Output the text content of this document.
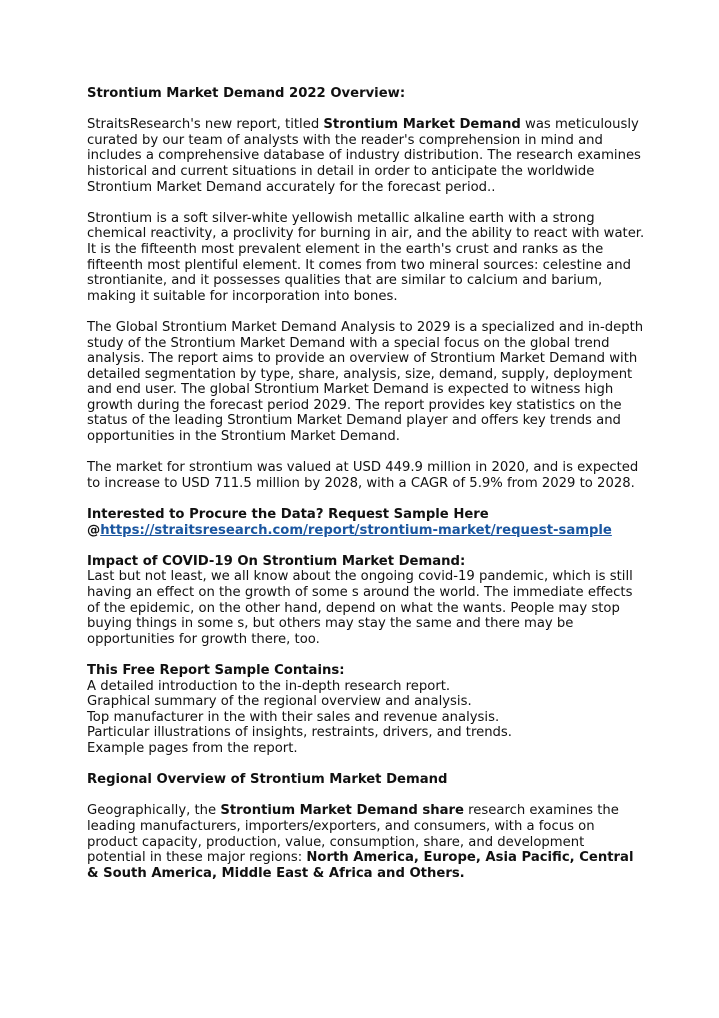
Strontium Market Demand 2022 Overview:

StraitsResearch's new report, titled Strontium Market Demand was meticulously curated by our team of analysts with the reader's comprehension in mind and includes a comprehensive database of industry distribution. The research examines historical and current situations in detail in order to anticipate the worldwide Strontium Market Demand accurately for the forecast period..

Strontium is a soft silver-white yellowish metallic alkaline earth with a strong chemical reactivity, a proclivity for burning in air, and the ability to react with water. It is the fifteenth most prevalent element in the earth's crust and ranks as the fifteenth most plentiful element. It comes from two mineral sources: celestine and strontianite, and it possesses qualities that are similar to calcium and barium, making it suitable for incorporation into bones.

The Global Strontium Market Demand Analysis to 2029 is a specialized and in-depth study of the Strontium Market Demand with a special focus on the global trend analysis. The report aims to provide an overview of Strontium Market Demand with detailed segmentation by type, share, analysis, size, demand, supply, deployment and end user. The global Strontium Market Demand is expected to witness high growth during the forecast period 2029. The report provides key statistics on the status of the leading Strontium Market Demand player and offers key trends and opportunities in the Strontium Market Demand.

The market for strontium was valued at USD 449.9 million in 2020, and is expected to increase to USD 711.5 million by 2028, with a CAGR of 5.9% from 2029 to 2028.

Interested to Procure the Data? Request Sample Here

@https://straitsresearch.com/report/strontium-market/request-sample

Impact of COVID-19 On Strontium Market Demand:

Last but not least, we all know about the ongoing covid-19 pandemic, which is still having an effect on the growth of some s around the world. The immediate effects of the epidemic, on the other hand, depend on what the wants. People may stop buying things in some s, but others may stay the same and there may be opportunities for growth there, too.

This Free Report Sample Contains:

A detailed introduction to the in-depth research report.
Graphical summary of the regional overview and analysis.
Top manufacturer in the with their sales and revenue analysis.
Particular illustrations of insights, restraints, drivers, and trends.
Example pages from the report.

Regional Overview of Strontium Market Demand

Geographically, the Strontium Market Demand share research examines the leading manufacturers, importers/exporters, and consumers, with a focus on product capacity, production, value, consumption, share, and development potential in these major regions: North America, Europe, Asia Pacific, Central & South America, Middle East & Africa and Others.
